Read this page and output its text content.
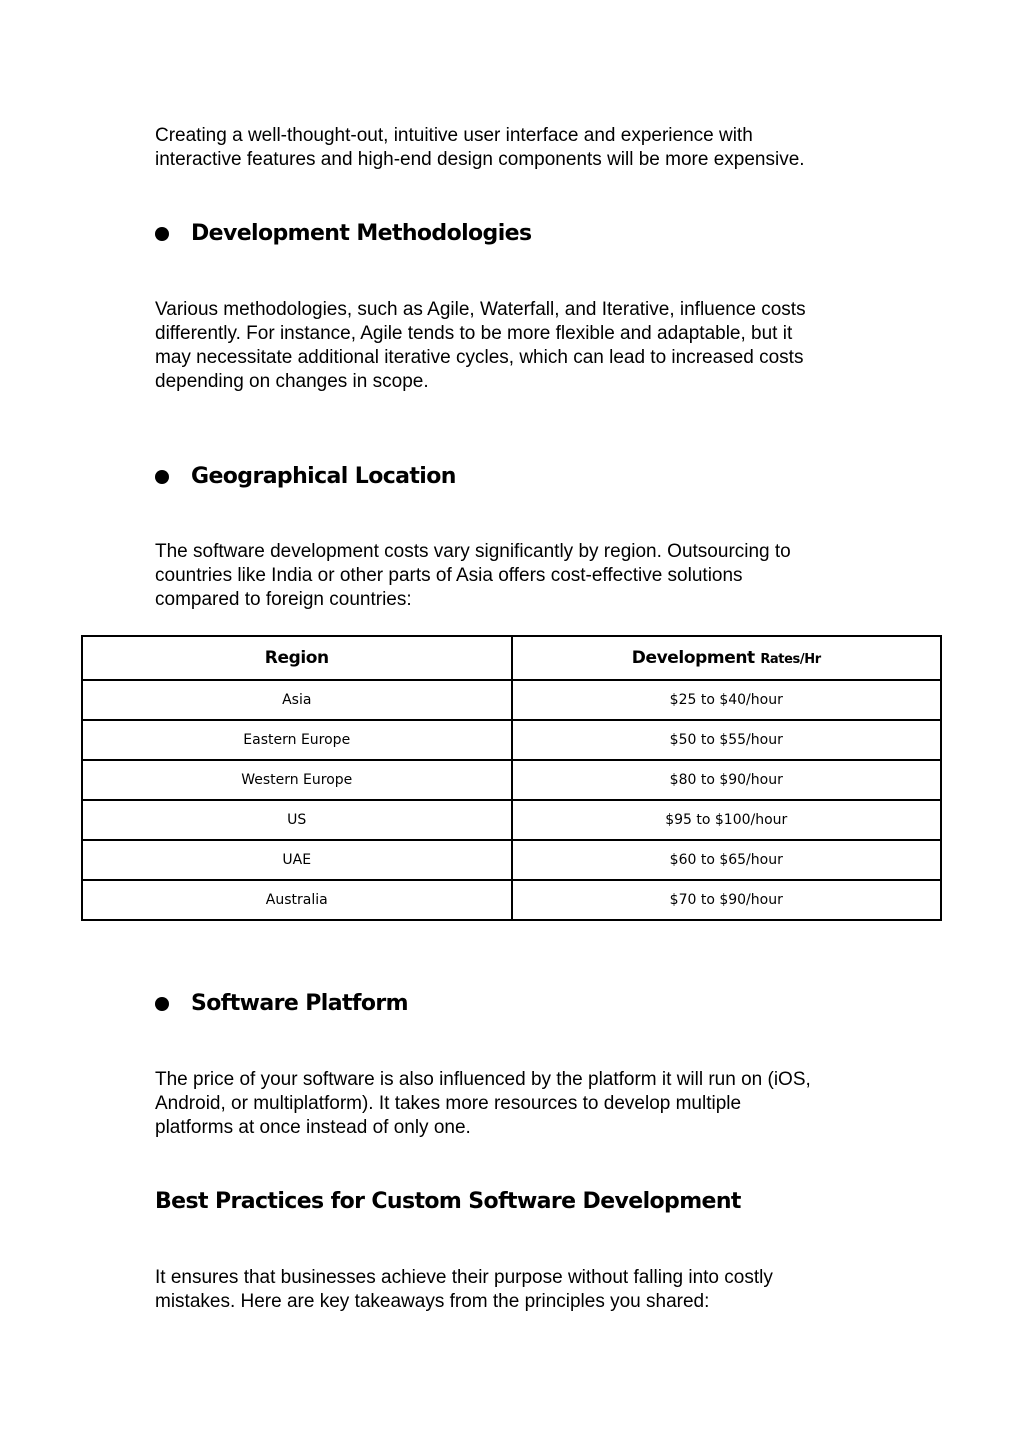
Creating a well-thought-out, intuitive user interface and experience with
interactive features and high-end design components will be more expensive.

Development Methodologies

Various methodologies, such as Agile, Waterfall, and Iterative, influence costs
differently. For instance, Agile tends to be more flexible and adaptable, but it
may necessitate additional iterative cycles, which can lead to increased costs
depending on changes in scope.

Geographical Location

The software development costs vary significantly by region. Outsourcing to
countries like India or other parts of Asia offers cost-effective solutions
compared to foreign countries:

Region	Development Rates/Hr
Asia	$25 to $40/hour
Eastern Europe	$50 to $55/hour
Western Europe	$80 to $90/hour
US	$95 to $100/hour
UAE	$60 to $65/hour
Australia	$70 to $90/hour
Software Platform

The price of your software is also influenced by the platform it will run on (iOS,
Android, or multiplatform). It takes more resources to develop multiple
platforms at once instead of only one.

Best Practices for Custom Software Development

It ensures that businesses achieve their purpose without falling into costly
mistakes. Here are key takeaways from the principles you shared:
